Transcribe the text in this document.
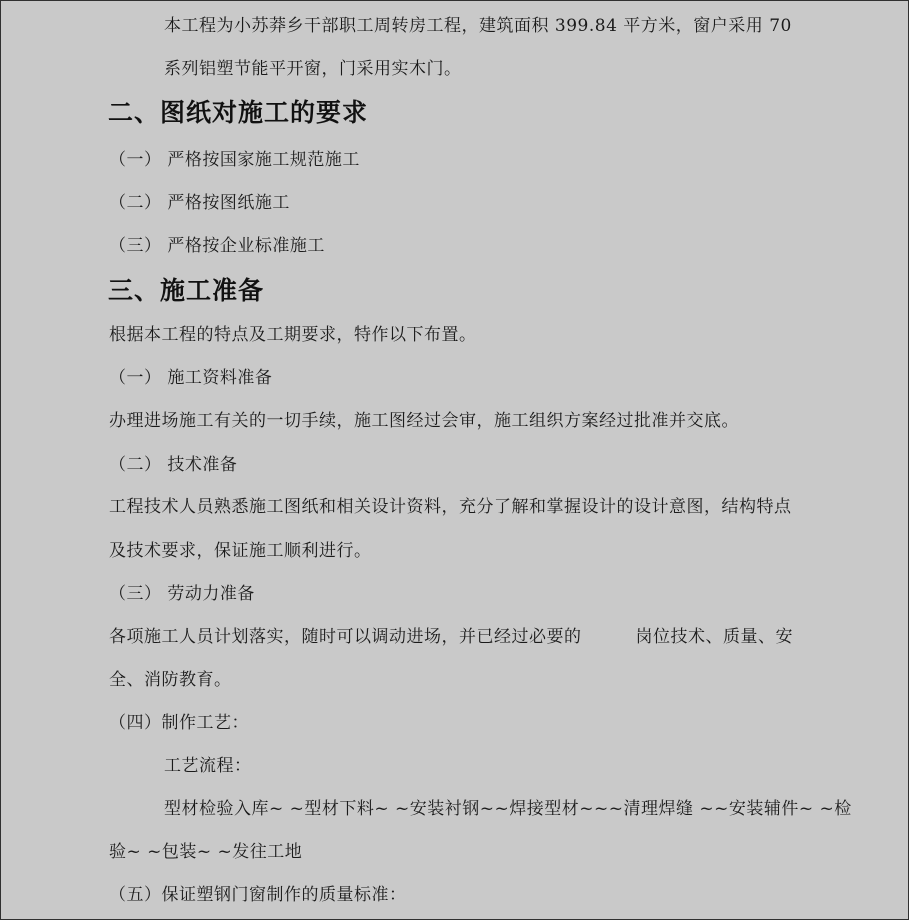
本工程为小苏莽乡干部职工周转房工程，建筑面积 399.84 平方米，窗户采用 70
系列铝塑节能平开窗，门采用实木门。
二、图纸对施工的要求
（一） 严格按国家施工规范施工
（二） 严格按图纸施工
（三） 严格按企业标准施工
三、施工准备
根据本工程的特点及工期要求，特作以下布置。
（一） 施工资料准备
办理进场施工有关的一切手续，施工图经过会审，施工组织方案经过批准并交底。
（二） 技术准备
工程技术人员熟悉施工图纸和相关设计资料，充分了解和掌握设计的设计意图，结构特点
及技术要求，保证施工顺利进行。
（三） 劳动力准备
各项施工人员计划落实，随时可以调动进场，并已经过必要的	岗位技术、质量、安
全、消防教育。
（四）制作工艺：
工艺流程：
型材检验入库~ ~型材下料~ ~安装衬钢~~焊接型材~~~清理焊缝 ~~安装辅件~ ~检
验~ ~包装~ ~发往工地
（五）保证塑钢门窗制作的质量标准：
